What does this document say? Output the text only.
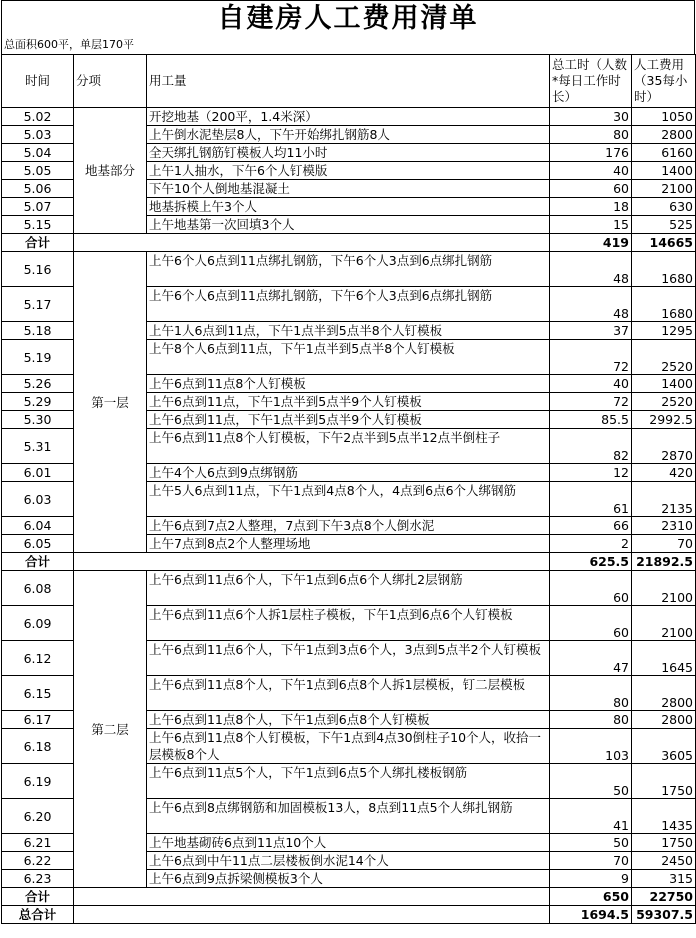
自建房人工费用清单
总面积600平，单层170平
时间	分项	用工量	总工时（人数*每日工作时长）	人工费用（35每小时）
5.02	地基部分	开挖地基（200平，1.4米深）	30	1050
5.03		上午倒水泥垫层8人，下午开始绑扎钢筋8人	80	2800
5.04		全天绑扎钢筋钉模板人均11小时	176	6160
5.05		上午1人抽水，下午6个人钉模版	40	1400
5.06		下午10个人倒地基混凝土	60	2100
5.07		地基拆模上午3个人	18	630
5.15		上午地基第一次回填3个人	15	525
合计			419	14665
5.16	第一层	上午6个人6点到11点绑扎钢筋，下午6个人3点到6点绑扎钢筋	48	1680
5.17		上午6个人6点到11点绑扎钢筋，下午6个人3点到6点绑扎钢筋	48	1680
5.18		上午1人6点到11点，下午1点半到5点半8个人钉模板	37	1295
5.19		上午8个人6点到11点，下午1点半到5点半8个人钉模板	72	2520
5.26		上午6点到11点8个人钉模板	40	1400
5.29		上午6点到11点，下午1点半到5点半9个人钉模板	72	2520
5.30		上午6点到11点，下午1点半到5点半9个人钉模板	85.5	2992.5
5.31		上午6点到11点8个人钉模板，下午2点半到5点半12点半倒柱子	82	2870
6.01		上午4个人6点到9点绑钢筋	12	420
6.03		上午5人6点到11点，下午1点到4点8个人，4点到6点6个人绑钢筋	61	2135
6.04		上午6点到7点2人整理，7点到下午3点8个人倒水泥	66	2310
6.05		上午7点到8点2个人整理场地	2	70
合计			625.5	21892.5
6.08	第二层	上午6点到11点6个人，下午1点到6点6个人绑扎2层钢筋	60	2100
6.09		上午6点到11点6个人拆1层柱子模板，下午1点到6点6个人钉模板	60	2100
6.12		上午6点到11点6个人，下午1点到3点6个人，3点到5点半2个人钉模板	47	1645
6.15		上午6点到11点8个人，下午1点到6点8个人拆1层模板，钉二层模板	80	2800
6.17		上午6点到11点8个人，下午1点到6点8个人钉模板	80	2800
6.18		上午6点到11点8个人钉模板，下午1点到4点30倒柱子10个人，收拾一层模板8个人	103	3605
6.19		上午6点到11点5个人，下午1点到6点5个人绑扎楼板钢筋	50	1750
6.20		上午6点到8点绑钢筋和加固模板13人，8点到11点5个人绑扎钢筋	41	1435
6.21		上午地基砌砖6点到11点10个人	50	1750
6.22		上午6点到中午11点二层楼板倒水泥14个人	70	2450
6.23		上午6点到9点拆梁侧模板3个人	9	315
合计			650	22750
总合计			1694.5	59307.5
